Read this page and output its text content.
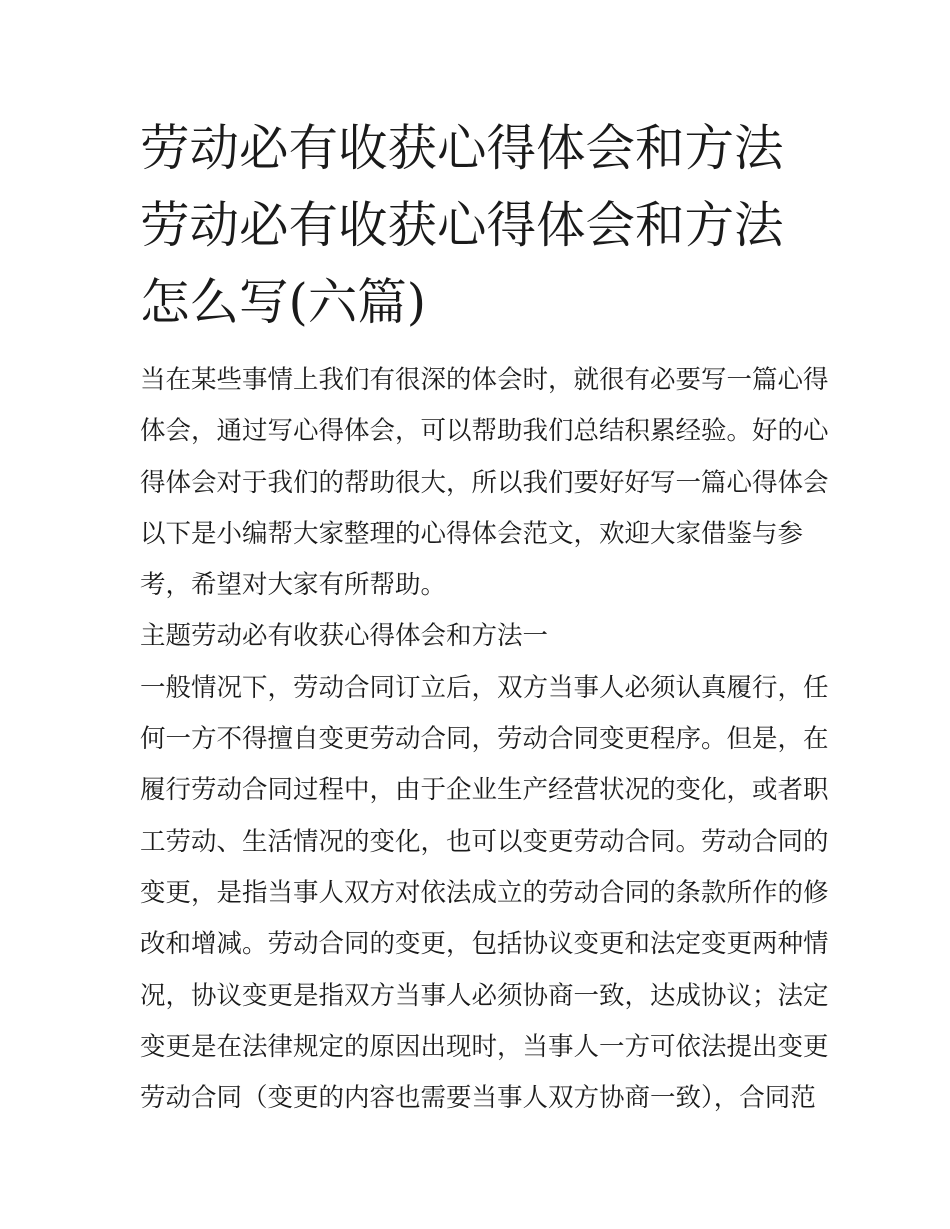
劳动必有收获心得体会和方法
劳动必有收获心得体会和方法
怎么写(六篇)
当在某些事情上我们有很深的体会时，就很有必要写一篇心得
体会，通过写心得体会，可以帮助我们总结积累经验。好的心
得体会对于我们的帮助很大，所以我们要好好写一篇心得体会
以下是小编帮大家整理的心得体会范文，欢迎大家借鉴与参
考，希望对大家有所帮助。
主题劳动必有收获心得体会和方法一
一般情况下，劳动合同订立后，双方当事人必须认真履行，任
何一方不得擅自变更劳动合同，劳动合同变更程序。但是，在
履行劳动合同过程中，由于企业生产经营状况的变化，或者职
工劳动、生活情况的变化，也可以变更劳动合同。劳动合同的
变更，是指当事人双方对依法成立的劳动合同的条款所作的修
改和增减。劳动合同的变更，包括协议变更和法定变更两种情
况，协议变更是指双方当事人必须协商一致，达成协议；法定
变更是在法律规定的原因出现时，当事人一方可依法提出变更
劳动合同（变更的内容也需要当事人双方协商一致），合同范
